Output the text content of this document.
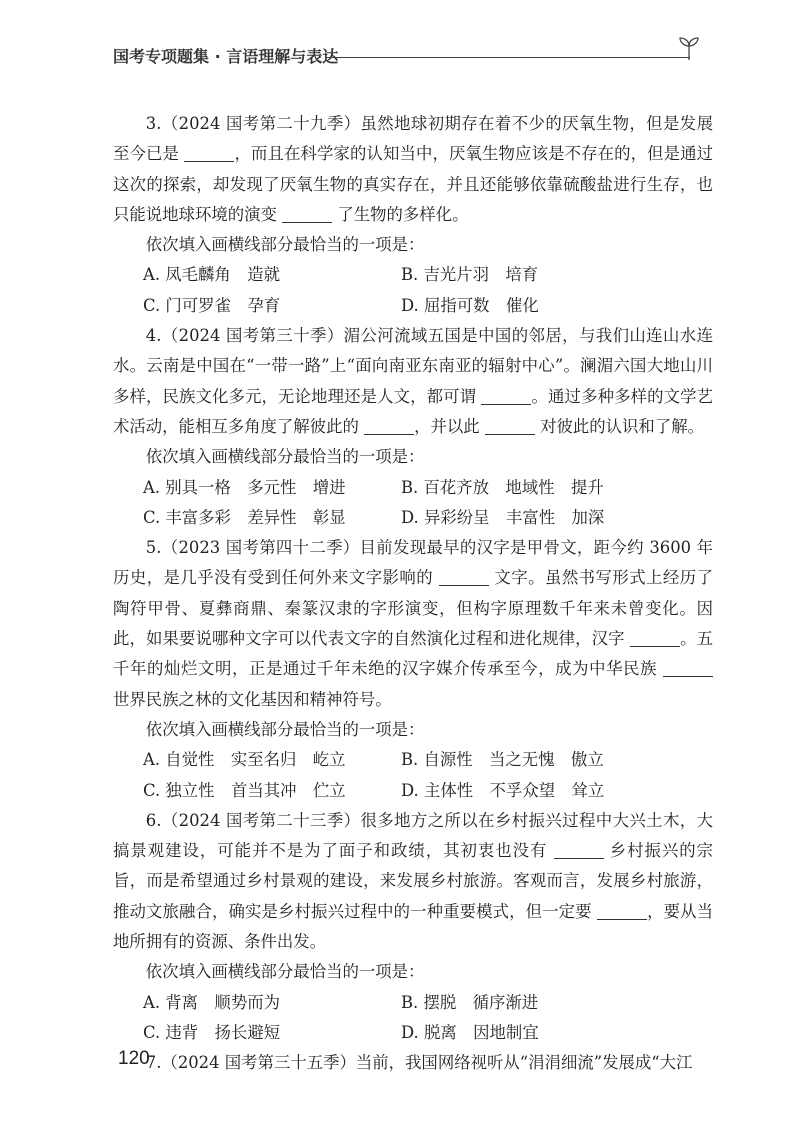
国考专项题集 · 言语理解与表达

3.（2024 国考第二十九季）虽然地球初期存在着不少的厌氧生物，但是发展至今已是	，而且在科学家的认知当中，厌氧生物应该是不存在的，但是通过这次的探索，却发现了厌氧生物的真实存在，并且还能够依靠硫酸盐进行生存，也只能说地球环境的演变	了生物的多样化。

依次填入画横线部分最恰当的一项是：

A. 凤毛麟角　造就	B. 吉光片羽　培育
C. 门可罗雀　孕育	D. 屈指可数　催化

4.（2024 国考第三十季）湄公河流域五国是中国的邻居，与我们山连山水连水。云南是中国在“一带一路”上“面向南亚东南亚的辐射中心”。澜湄六国大地山川多样，民族文化多元，无论地理还是人文，都可谓	。通过多种多样的文学艺术活动，能相互多角度了解彼此的	，并以此	对彼此的认识和了解。

依次填入画横线部分最恰当的一项是：

A. 别具一格　多元性　增进	B. 百花齐放　地域性　提升
C. 丰富多彩　差异性　彰显	D. 异彩纷呈　丰富性　加深

5.（2023 国考第四十二季）目前发现最早的汉字是甲骨文，距今约 3600 年历史，是几乎没有受到任何外来文字影响的	文字。虽然书写形式上经历了陶符甲骨、夏彝商鼎、秦篆汉隶的字形演变，但构字原理数千年来未曾变化。因此，如果要说哪种文字可以代表文字的自然演化过程和进化规律，汉字	。五千年的灿烂文明，正是通过千年未绝的汉字媒介传承至今，成为中华民族  世界民族之林的文化基因和精神符号。

依次填入画横线部分最恰当的一项是：

A. 自觉性　实至名归　屹立	B. 自源性　当之无愧　傲立
C. 独立性　首当其冲　伫立	D. 主体性　不孚众望　耸立

6.（2024 国考第二十三季）很多地方之所以在乡村振兴过程中大兴土木，大搞景观建设，可能并不是为了面子和政绩，其初衷也没有	乡村振兴的宗旨，而是希望通过乡村景观的建设，来发展乡村旅游。客观而言，发展乡村旅游，推动文旅融合，确实是乡村振兴过程中的一种重要模式，但一定要	，要从当地所拥有的资源、条件出发。

依次填入画横线部分最恰当的一项是：

A. 背离　顺势而为	B. 摆脱　循序渐进
C. 违背　扬长避短	D. 脱离　因地制宜

7.（2024 国考第三十五季）当前，我国网络视听从“涓涓细流”发展成“大江

120
